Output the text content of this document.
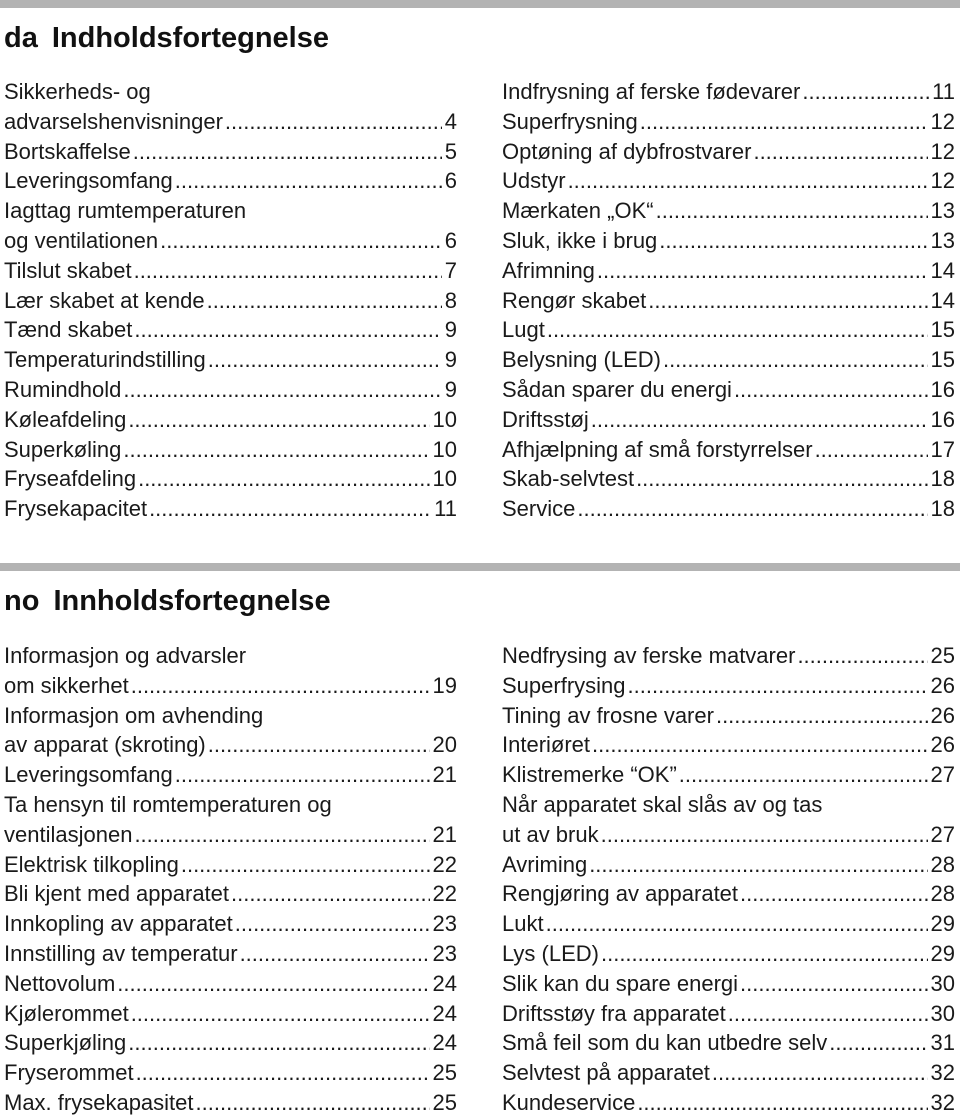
da Indholdsfortegnelse
Sikkerheds- og
advarselshenvisninger .....	4
Bortskaffelse .....	5
Leveringsomfang .....	6
Iagttag rumtemperaturen
og ventilationen .....	6
Tilslut skabet .....	7
Lær skabet at kende .....	8
Tænd skabet .....	9
Temperaturindstilling .....	9
Rumindhold .....	9
Køleafdeling .....	10
Superkøling .....	10
Fryseafdeling .....	10
Frysekapacitet .....	11
Indfrysning af ferske fødevarer .....	11
Superfrysning .....	12
Optøning af dybfrostvarer .....	12
Udstyr .....	12
Mærkaten „OK“ .....	13
Sluk, ikke i brug .....	13
Afrimning .....	14
Rengør skabet .....	14
Lugt .....	15
Belysning (LED) .....	15
Sådan sparer du energi .....	16
Driftsstøj .....	16
Afhjælpning af små forstyrrelser .....	17
Skab-selvtest .....	18
Service .....	18
no Innholdsfortegnelse
Informasjon og advarsler
om sikkerhet .....	19
Informasjon om avhending
av apparat (skroting) .....	20
Leveringsomfang .....	21
Ta hensyn til romtemperaturen og
ventilasjonen .....	21
Elektrisk tilkopling .....	22
Bli kjent med apparatet .....	22
Innkopling av apparatet .....	23
Innstilling av temperatur .....	23
Nettovolum .....	24
Kjølerommet .....	24
Superkjøling .....	24
Fryserommet .....	25
Max. frysekapasitet .....	25
Nedfrysing av ferske matvarer .....	25
Superfrysing .....	26
Tining av frosne varer .....	26
Interiøret .....	26
Klistremerke “OK” .....	27
Når apparatet skal slås av og tas
ut av bruk .....	27
Avriming .....	28
Rengjøring av apparatet .....	28
Lukt .....	29
Lys (LED) .....	29
Slik kan du spare energi .....	30
Driftsstøy fra apparatet .....	30
Små feil som du kan utbedre selv .....	31
Selvtest på apparatet .....	32
Kundeservice .....	32
